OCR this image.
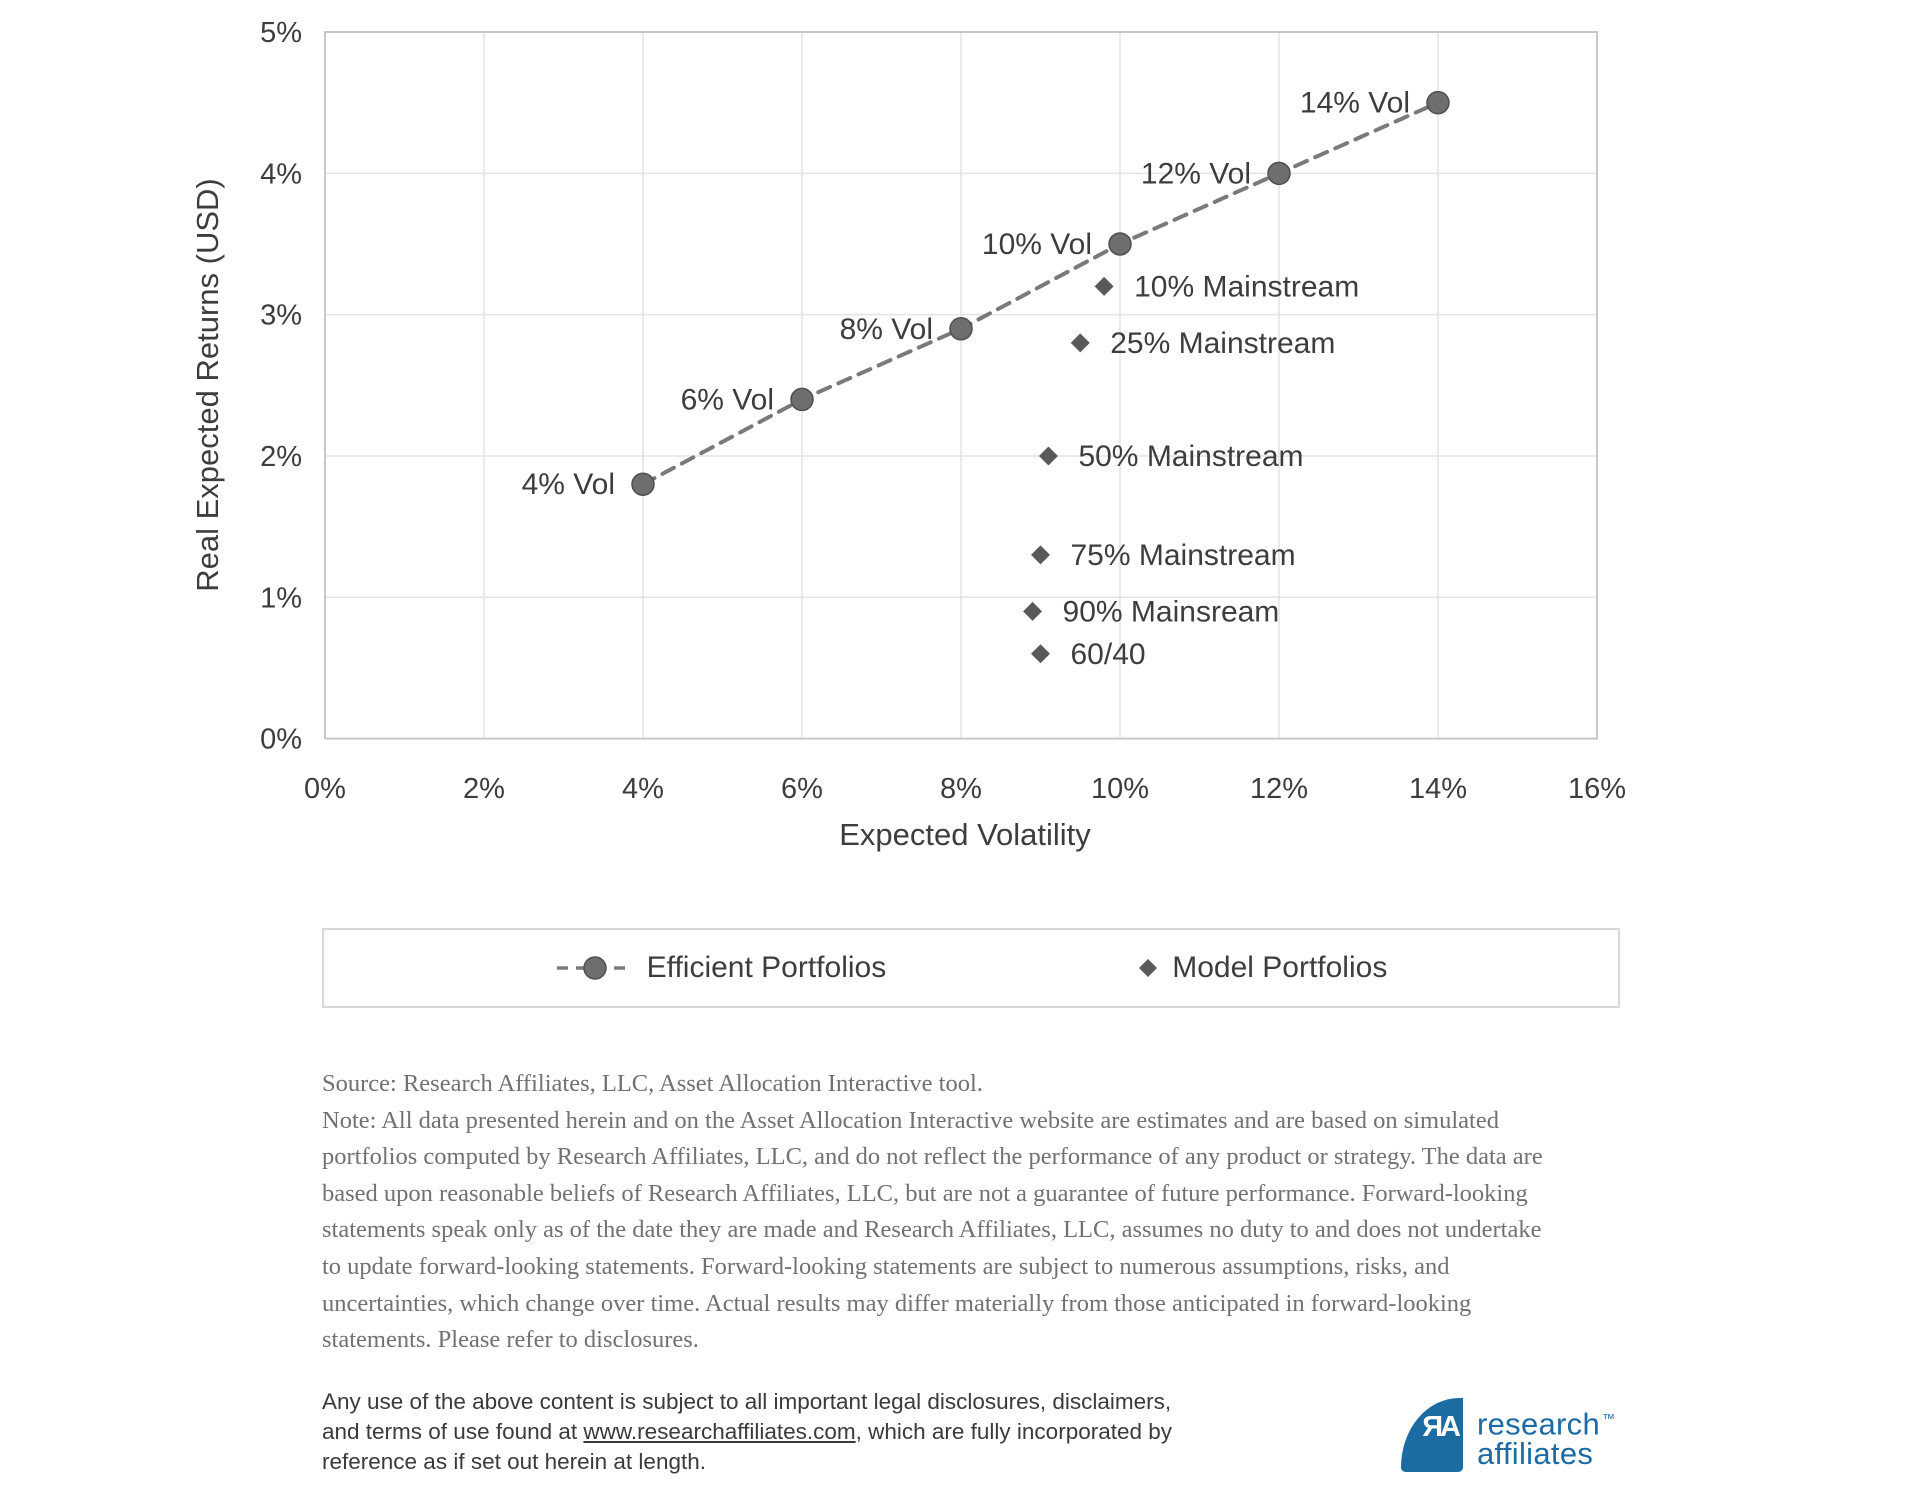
4% Vol
6% Vol
8% Vol
10% Vol
12% Vol
14% Vol
10% Mainstream
25% Mainstream
50% Mainstream
75% Mainstream
90% Mainsream
60/40
0%	2%	4%	6%	8%	10%	12%	14%	16%
0%
1%
2%
3%
4%
5%
Expected Volatility
Real Expected Returns (USD)
Efficient Portfolios	Model Portfolios
Source: Research Affiliates, LLC, Asset Allocation Interactive tool.
Note: All data presented herein and on the Asset Allocation Interactive website are estimates and are based on simulated
portfolios computed by Research Affiliates, LLC, and do not reflect the performance of any product or strategy. The data are
based upon reasonable beliefs of Research Affiliates, LLC, but are not a guarantee of future performance. Forward-looking
statements speak only as of the date they are made and Research Affiliates, LLC, assumes no duty to and does not undertake
to update forward-looking statements. Forward-looking statements are subject to numerous assumptions, risks, and
uncertainties, which change over time. Actual results may differ materially from those anticipated in forward-looking
statements. Please refer to disclosures.
Any use of the above content is subject to all important legal disclosures, disclaimers,
and terms of use found at www.researchaffiliates.com, which are fully incorporated by
reference as if set out herein at length.
ЯA research ™
affiliates
